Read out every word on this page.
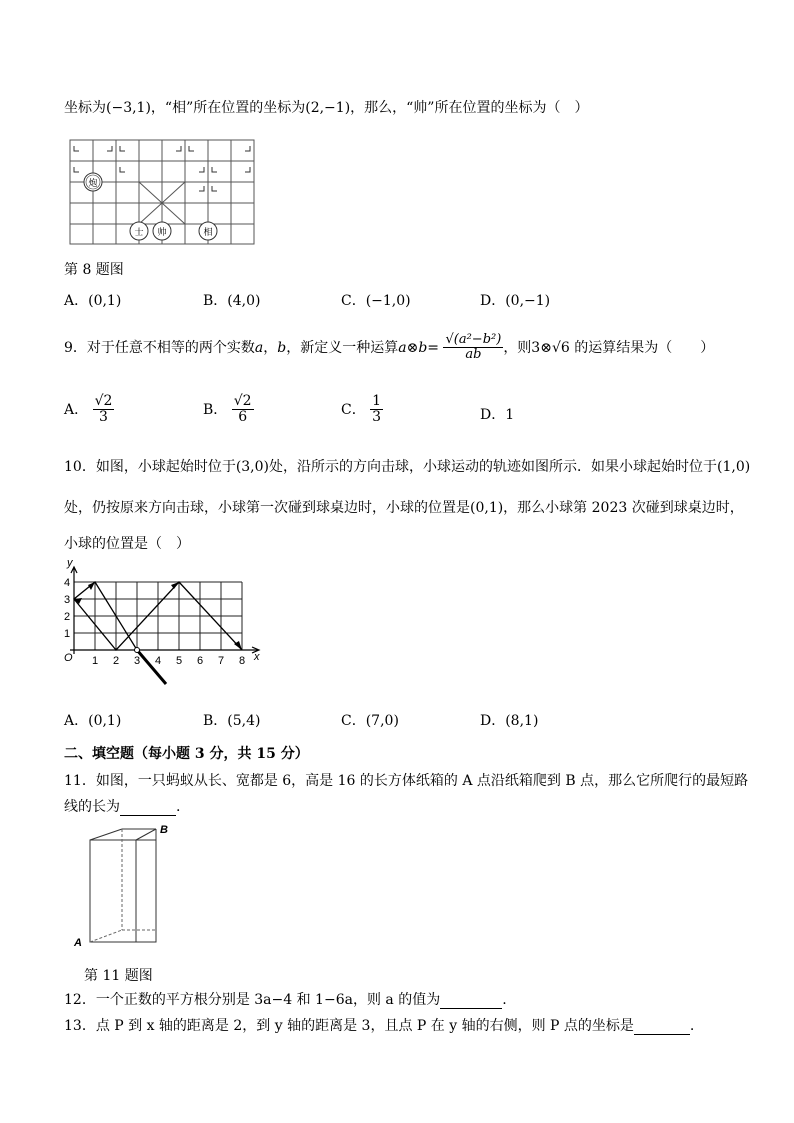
坐标为(−3,1)，“相”所在位置的坐标为(2,−1)，那么，“帅”所在位置的坐标为（　）
炮
士 帅	相
第 8 题图
A．(0,1)	B．(4,0)	C．(−1,0)	D．(0,−1)
9．对于任意不相等的两个实数a，b，新定义一种运算a⊗b= $\frac{\text{√(a²−b²)}}{ab}$ ，则3⊗√6 的运算结果为（　　）
A． $\frac{√2}{3}$	B． $\frac{√2}{6}$	C． $\frac{1}{3}$	D．1
10．如图，小球起始时位于(3,0)处，沿所示的方向击球，小球运动的轨迹如图所示．如果小球起始时位于(1,0)
处，仍按原来方向击球，小球第一次碰到球桌边时，小球的位置是(0,1)，那么小球第 2023 次碰到球桌边时，
小球的位置是（　）
y
x
O 1 2 3 4 5 6 7 8
1
2
3
4
A．(0,1)	B．(5,4)	C．(7,0)	D．(8,1)
二、填空题（每小题 3 分，共 15 分）
11．如图，一只蚂蚁从长、宽都是 6，高是 16 的长方体纸箱的 A 点沿纸箱爬到 B 点，那么它所爬行的最短路
线的长为	.
A
B
第 11 题图
12．一个正数的平方根分别是 3a−4 和 1−6a，则 a 的值为	.
13．点 P 到 x 轴的距离是 2，到 y 轴的距离是 3，且点 P 在 y 轴的右侧，则 P 点的坐标是	.
